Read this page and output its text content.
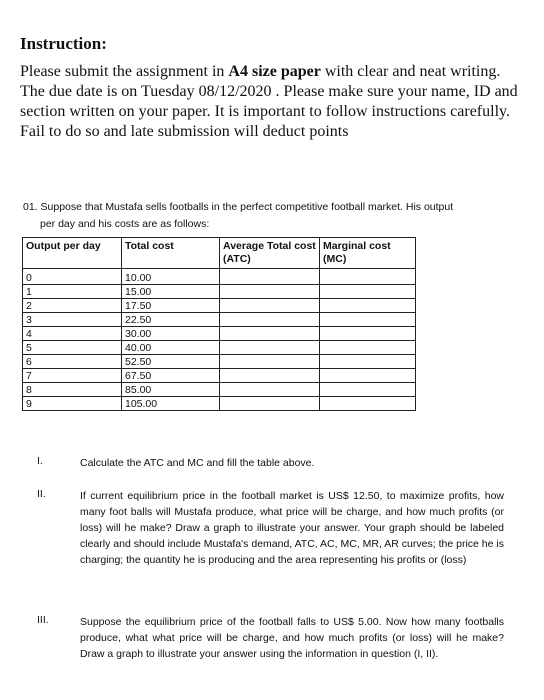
Instruction:
Please submit the assignment in A4 size paper with clear and neat writing.
The due date is on Tuesday 08/12/2020 . Please make sure your name, ID and
section written on your paper. It is important to follow instructions carefully.
Fail to do so and late submission will deduct points
01. Suppose that Mustafa sells footballs in the perfect competitive football market. His output
per day and his costs are as follows:
Output per day	Total cost	Average Total cost (ATC)	Marginal cost (MC)
0	10.00		
1	15.00		
2	17.50		
3	22.50		
4	30.00		
5	40.00		
6	52.50		
7	67.50		
8	85.00		
9	105.00		
I.	Calculate the ATC and MC and fill the table above.
II.	If current equilibrium price in the football market is US$ 12.50, to maximize profits, how many foot balls will Mustafa produce, what price will be charge, and how much profits (or loss) will he make? Draw a graph to illustrate your answer. Your graph should be labeled clearly and should include Mustafa's demand, ATC, AC, MC, MR, AR curves; the price he is charging; the quantity he is producing and the area representing his profits or (loss)
III.	Suppose the equilibrium price of the football falls to US$ 5.00. Now how many footballs produce, what what price will be charge, and how much profits (or loss) will he make? Draw a graph to illustrate your answer using the information in question (I, II).
